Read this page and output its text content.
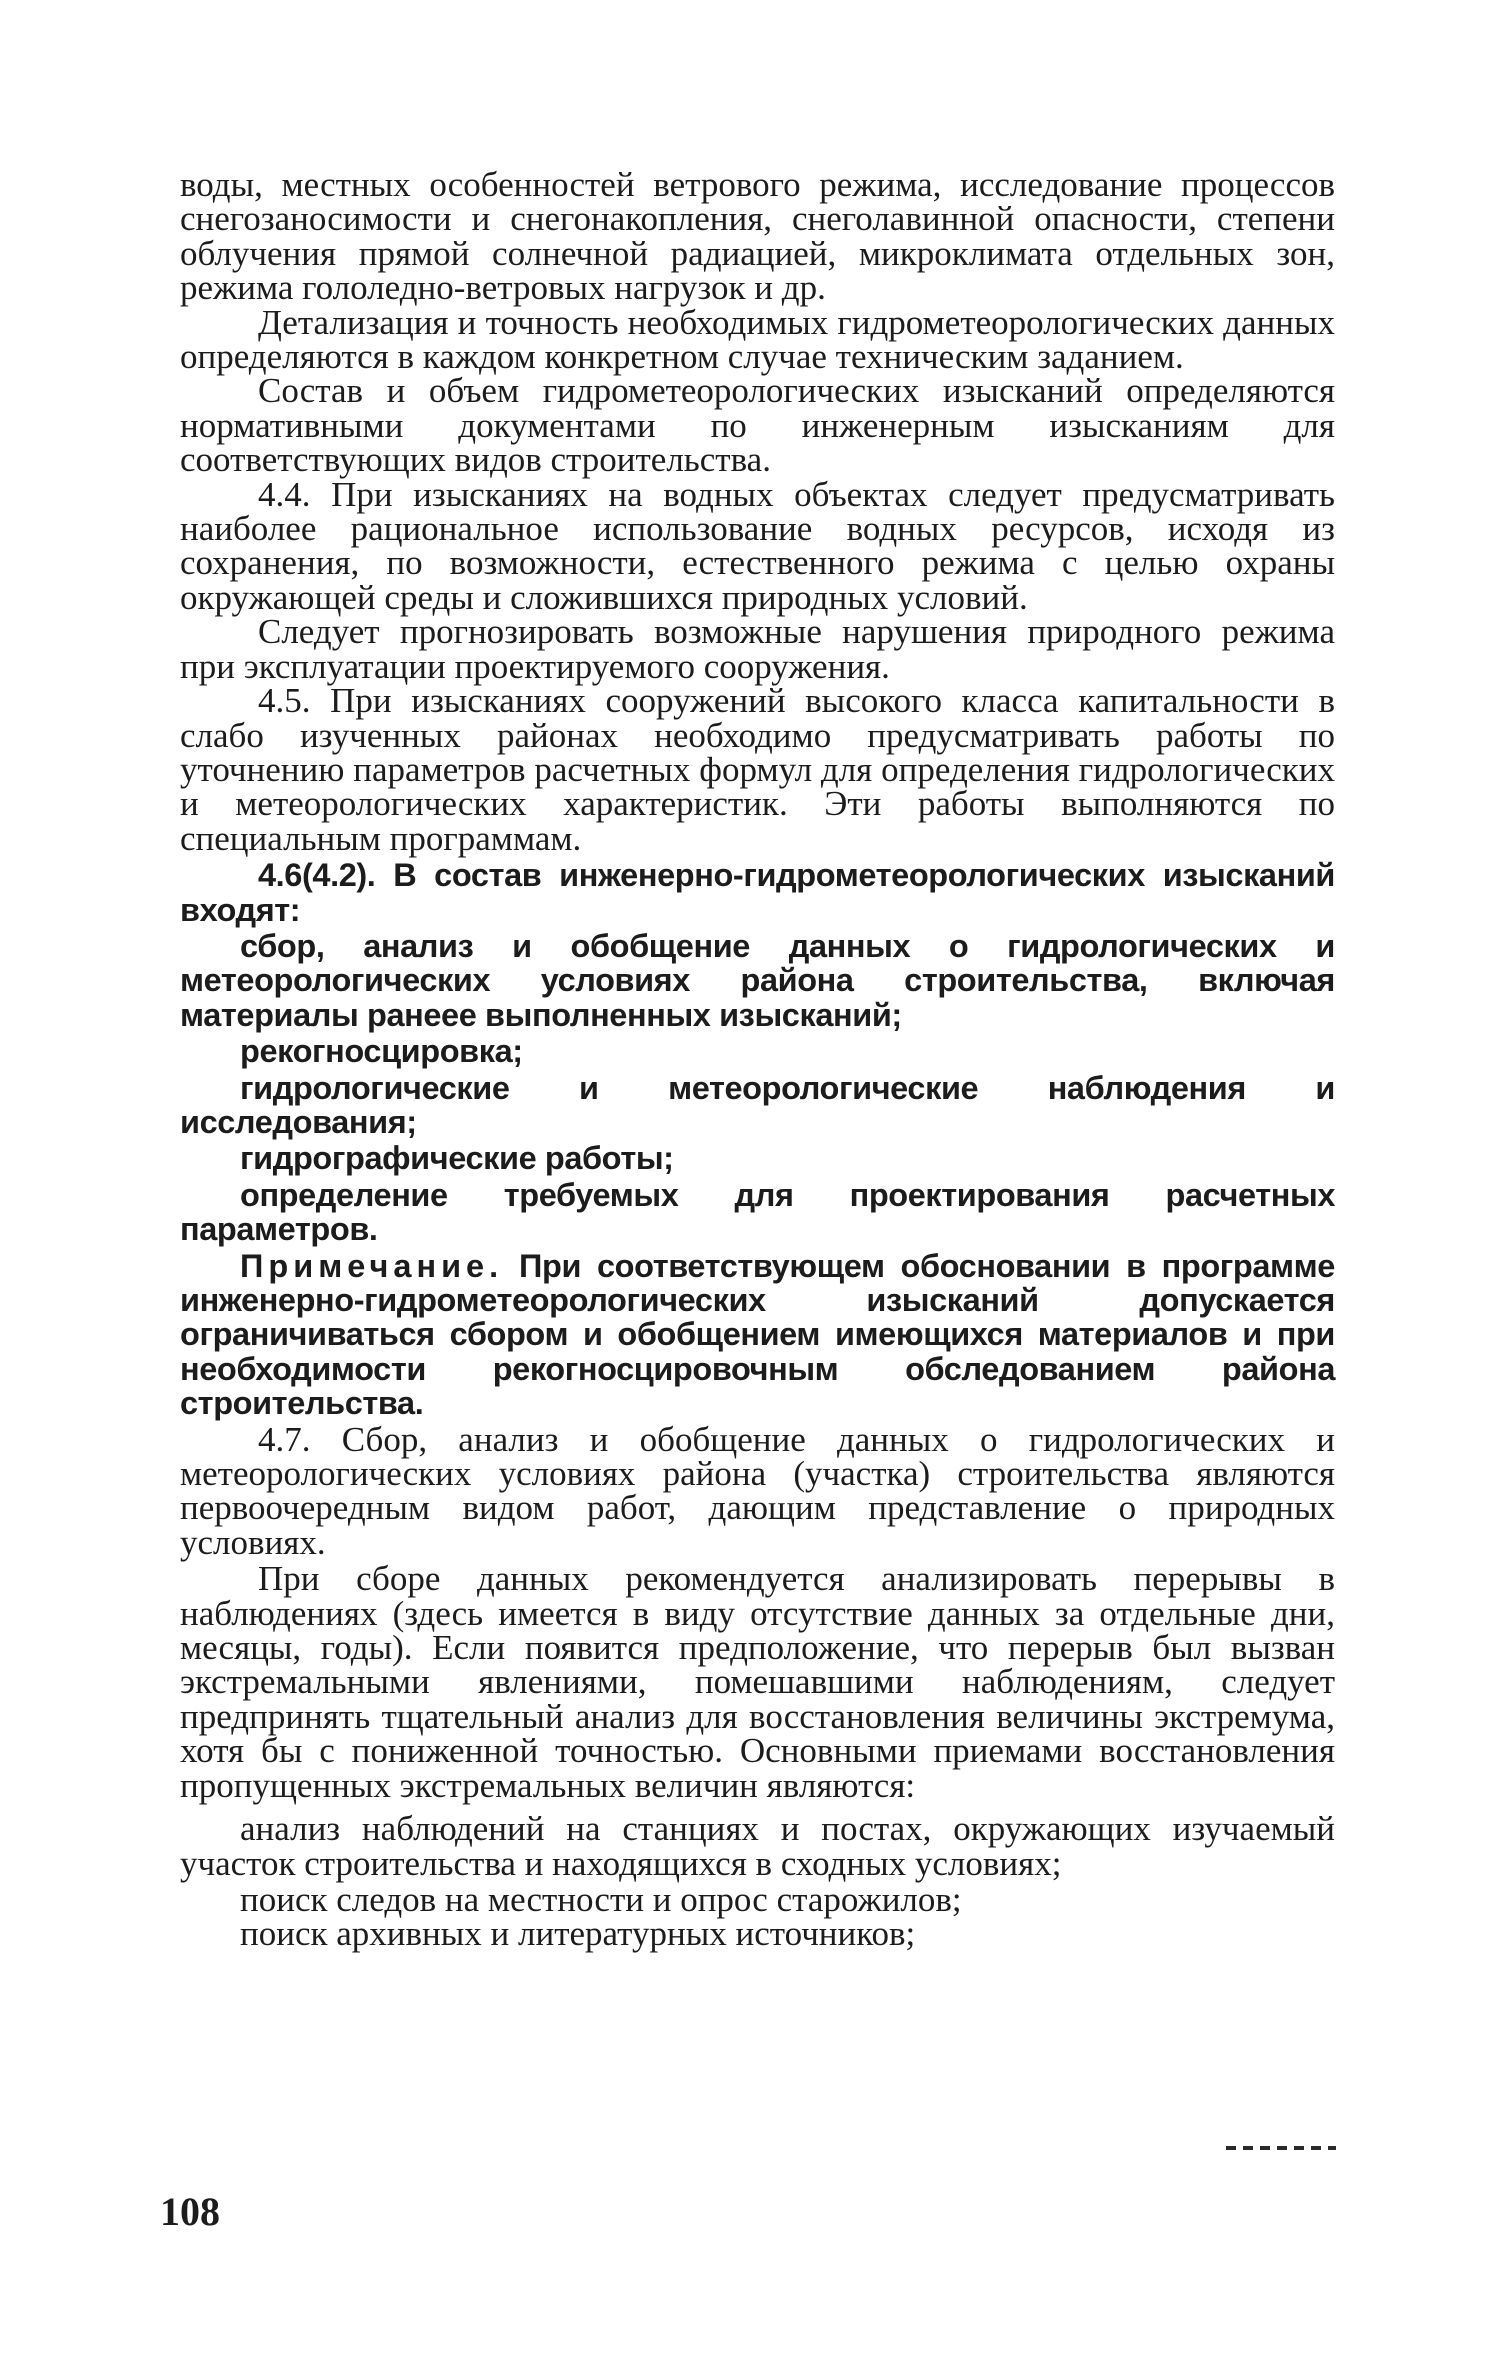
воды, местных особенностей ветрового режима, исследование процессов снегозаносимости и снегонакопления, снеголавинной опасности, степени облучения прямой солнечной радиацией, микроклимата отдельных зон, режима гололедно-ветровых нагрузок и др.

Детализация и точность необходимых гидрометеорологических данных определяются в каждом конкретном случае техническим заданием.

Состав и объем гидрометеорологических изысканий определяются нормативными документами по инженерным изысканиям для соответствующих видов строительства.

4.4. При изысканиях на водных объектах следует предусматривать наиболее рациональное использование водных ресурсов, исходя из сохранения, по возможности, естественного режима с целью охраны окружающей среды и сложившихся природных условий.

Следует прогнозировать возможные нарушения природного режима при эксплуатации проектируемого сооружения.

4.5. При изысканиях сооружений высокого класса капитальности в слабо изученных районах необходимо предусматривать работы по уточнению параметров расчетных формул для определения гидрологических и метеорологических характеристик. Эти работы выполняются по специальным программам.

4.6(4.2). В состав инженерно-гидрометеорологических изысканий входят:

сбор, анализ и обобщение данных о гидрологических и метеорологических условиях района строительства, включая материалы ранеее выполненных изысканий;

рекогносцировка;

гидрологические и метеорологические наблюдения и исследования;

гидрографические работы;

определение требуемых для проектирования расчетных параметров.

Примечание. При соответствующем обосновании в программе инженерно-гидрометеорологических изысканий допускается ограничиваться сбором и обобщением имеющихся материалов и при необходимости рекогносцировочным обследованием района строительства.

4.7. Сбор, анализ и обобщение данных о гидрологических и метеорологических условиях района (участка) строительства являются первоочередным видом работ, дающим представление о природных условиях.

При сборе данных рекомендуется анализировать перерывы в наблюдениях (здесь имеется в виду отсутствие данных за отдельные дни, месяцы, годы). Если появится предположение, что перерыв был вызван экстремальными явлениями, помешавшими наблюдениям, следует предпринять тщательный анализ для восстановления величины экстремума, хотя бы с пониженной точностью. Основными приемами восстановления пропущенных экстремальных величин являются:

анализ наблюдений на станциях и постах, окружающих изучаемый участок строительства и находящихся в сходных условиях;

поиск следов на местности и опрос старожилов;

поиск архивных и литературных источников;

108
